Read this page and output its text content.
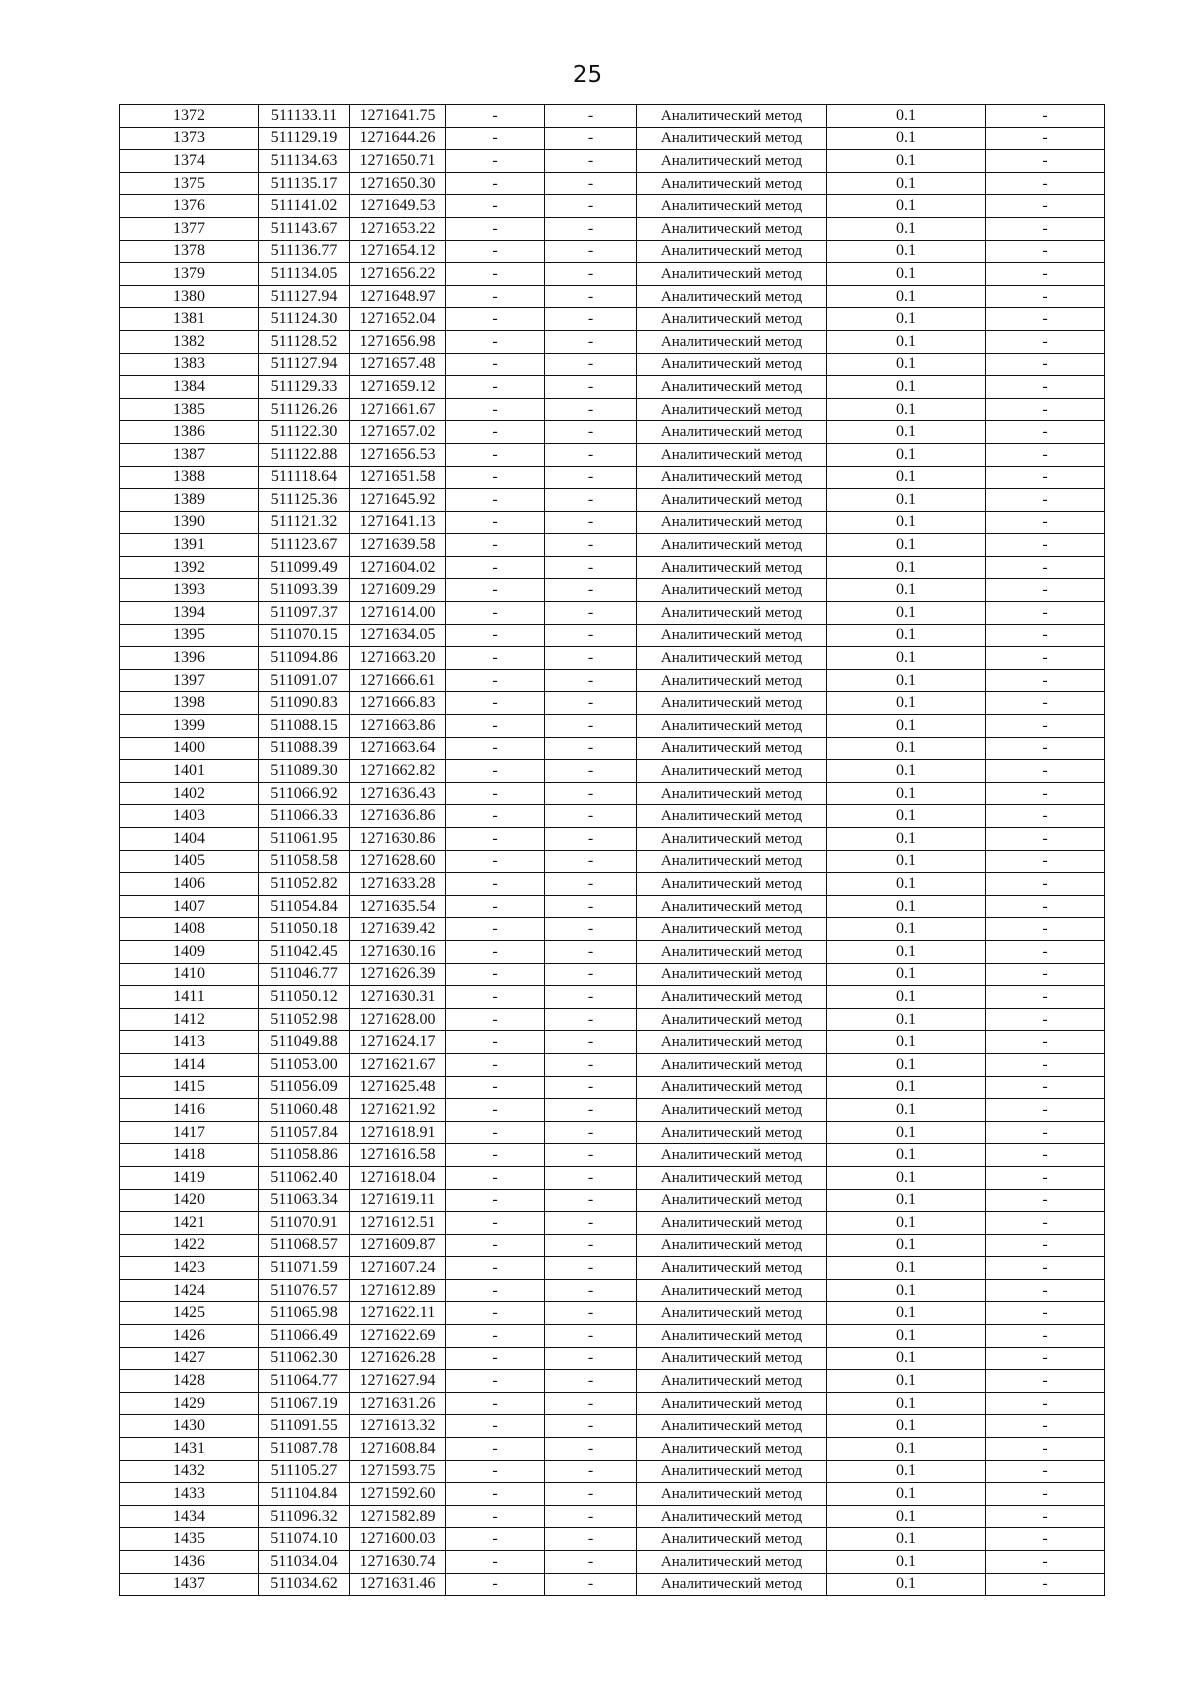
25
1372	511133.11	1271641.75	-	-	Аналитический метод	0.1	-
1373	511129.19	1271644.26	-	-	Аналитический метод	0.1	-
1374	511134.63	1271650.71	-	-	Аналитический метод	0.1	-
1375	511135.17	1271650.30	-	-	Аналитический метод	0.1	-
1376	511141.02	1271649.53	-	-	Аналитический метод	0.1	-
1377	511143.67	1271653.22	-	-	Аналитический метод	0.1	-
1378	511136.77	1271654.12	-	-	Аналитический метод	0.1	-
1379	511134.05	1271656.22	-	-	Аналитический метод	0.1	-
1380	511127.94	1271648.97	-	-	Аналитический метод	0.1	-
1381	511124.30	1271652.04	-	-	Аналитический метод	0.1	-
1382	511128.52	1271656.98	-	-	Аналитический метод	0.1	-
1383	511127.94	1271657.48	-	-	Аналитический метод	0.1	-
1384	511129.33	1271659.12	-	-	Аналитический метод	0.1	-
1385	511126.26	1271661.67	-	-	Аналитический метод	0.1	-
1386	511122.30	1271657.02	-	-	Аналитический метод	0.1	-
1387	511122.88	1271656.53	-	-	Аналитический метод	0.1	-
1388	511118.64	1271651.58	-	-	Аналитический метод	0.1	-
1389	511125.36	1271645.92	-	-	Аналитический метод	0.1	-
1390	511121.32	1271641.13	-	-	Аналитический метод	0.1	-
1391	511123.67	1271639.58	-	-	Аналитический метод	0.1	-
1392	511099.49	1271604.02	-	-	Аналитический метод	0.1	-
1393	511093.39	1271609.29	-	-	Аналитический метод	0.1	-
1394	511097.37	1271614.00	-	-	Аналитический метод	0.1	-
1395	511070.15	1271634.05	-	-	Аналитический метод	0.1	-
1396	511094.86	1271663.20	-	-	Аналитический метод	0.1	-
1397	511091.07	1271666.61	-	-	Аналитический метод	0.1	-
1398	511090.83	1271666.83	-	-	Аналитический метод	0.1	-
1399	511088.15	1271663.86	-	-	Аналитический метод	0.1	-
1400	511088.39	1271663.64	-	-	Аналитический метод	0.1	-
1401	511089.30	1271662.82	-	-	Аналитический метод	0.1	-
1402	511066.92	1271636.43	-	-	Аналитический метод	0.1	-
1403	511066.33	1271636.86	-	-	Аналитический метод	0.1	-
1404	511061.95	1271630.86	-	-	Аналитический метод	0.1	-
1405	511058.58	1271628.60	-	-	Аналитический метод	0.1	-
1406	511052.82	1271633.28	-	-	Аналитический метод	0.1	-
1407	511054.84	1271635.54	-	-	Аналитический метод	0.1	-
1408	511050.18	1271639.42	-	-	Аналитический метод	0.1	-
1409	511042.45	1271630.16	-	-	Аналитический метод	0.1	-
1410	511046.77	1271626.39	-	-	Аналитический метод	0.1	-
1411	511050.12	1271630.31	-	-	Аналитический метод	0.1	-
1412	511052.98	1271628.00	-	-	Аналитический метод	0.1	-
1413	511049.88	1271624.17	-	-	Аналитический метод	0.1	-
1414	511053.00	1271621.67	-	-	Аналитический метод	0.1	-
1415	511056.09	1271625.48	-	-	Аналитический метод	0.1	-
1416	511060.48	1271621.92	-	-	Аналитический метод	0.1	-
1417	511057.84	1271618.91	-	-	Аналитический метод	0.1	-
1418	511058.86	1271616.58	-	-	Аналитический метод	0.1	-
1419	511062.40	1271618.04	-	-	Аналитический метод	0.1	-
1420	511063.34	1271619.11	-	-	Аналитический метод	0.1	-
1421	511070.91	1271612.51	-	-	Аналитический метод	0.1	-
1422	511068.57	1271609.87	-	-	Аналитический метод	0.1	-
1423	511071.59	1271607.24	-	-	Аналитический метод	0.1	-
1424	511076.57	1271612.89	-	-	Аналитический метод	0.1	-
1425	511065.98	1271622.11	-	-	Аналитический метод	0.1	-
1426	511066.49	1271622.69	-	-	Аналитический метод	0.1	-
1427	511062.30	1271626.28	-	-	Аналитический метод	0.1	-
1428	511064.77	1271627.94	-	-	Аналитический метод	0.1	-
1429	511067.19	1271631.26	-	-	Аналитический метод	0.1	-
1430	511091.55	1271613.32	-	-	Аналитический метод	0.1	-
1431	511087.78	1271608.84	-	-	Аналитический метод	0.1	-
1432	511105.27	1271593.75	-	-	Аналитический метод	0.1	-
1433	511104.84	1271592.60	-	-	Аналитический метод	0.1	-
1434	511096.32	1271582.89	-	-	Аналитический метод	0.1	-
1435	511074.10	1271600.03	-	-	Аналитический метод	0.1	-
1436	511034.04	1271630.74	-	-	Аналитический метод	0.1	-
1437	511034.62	1271631.46	-	-	Аналитический метод	0.1	-
